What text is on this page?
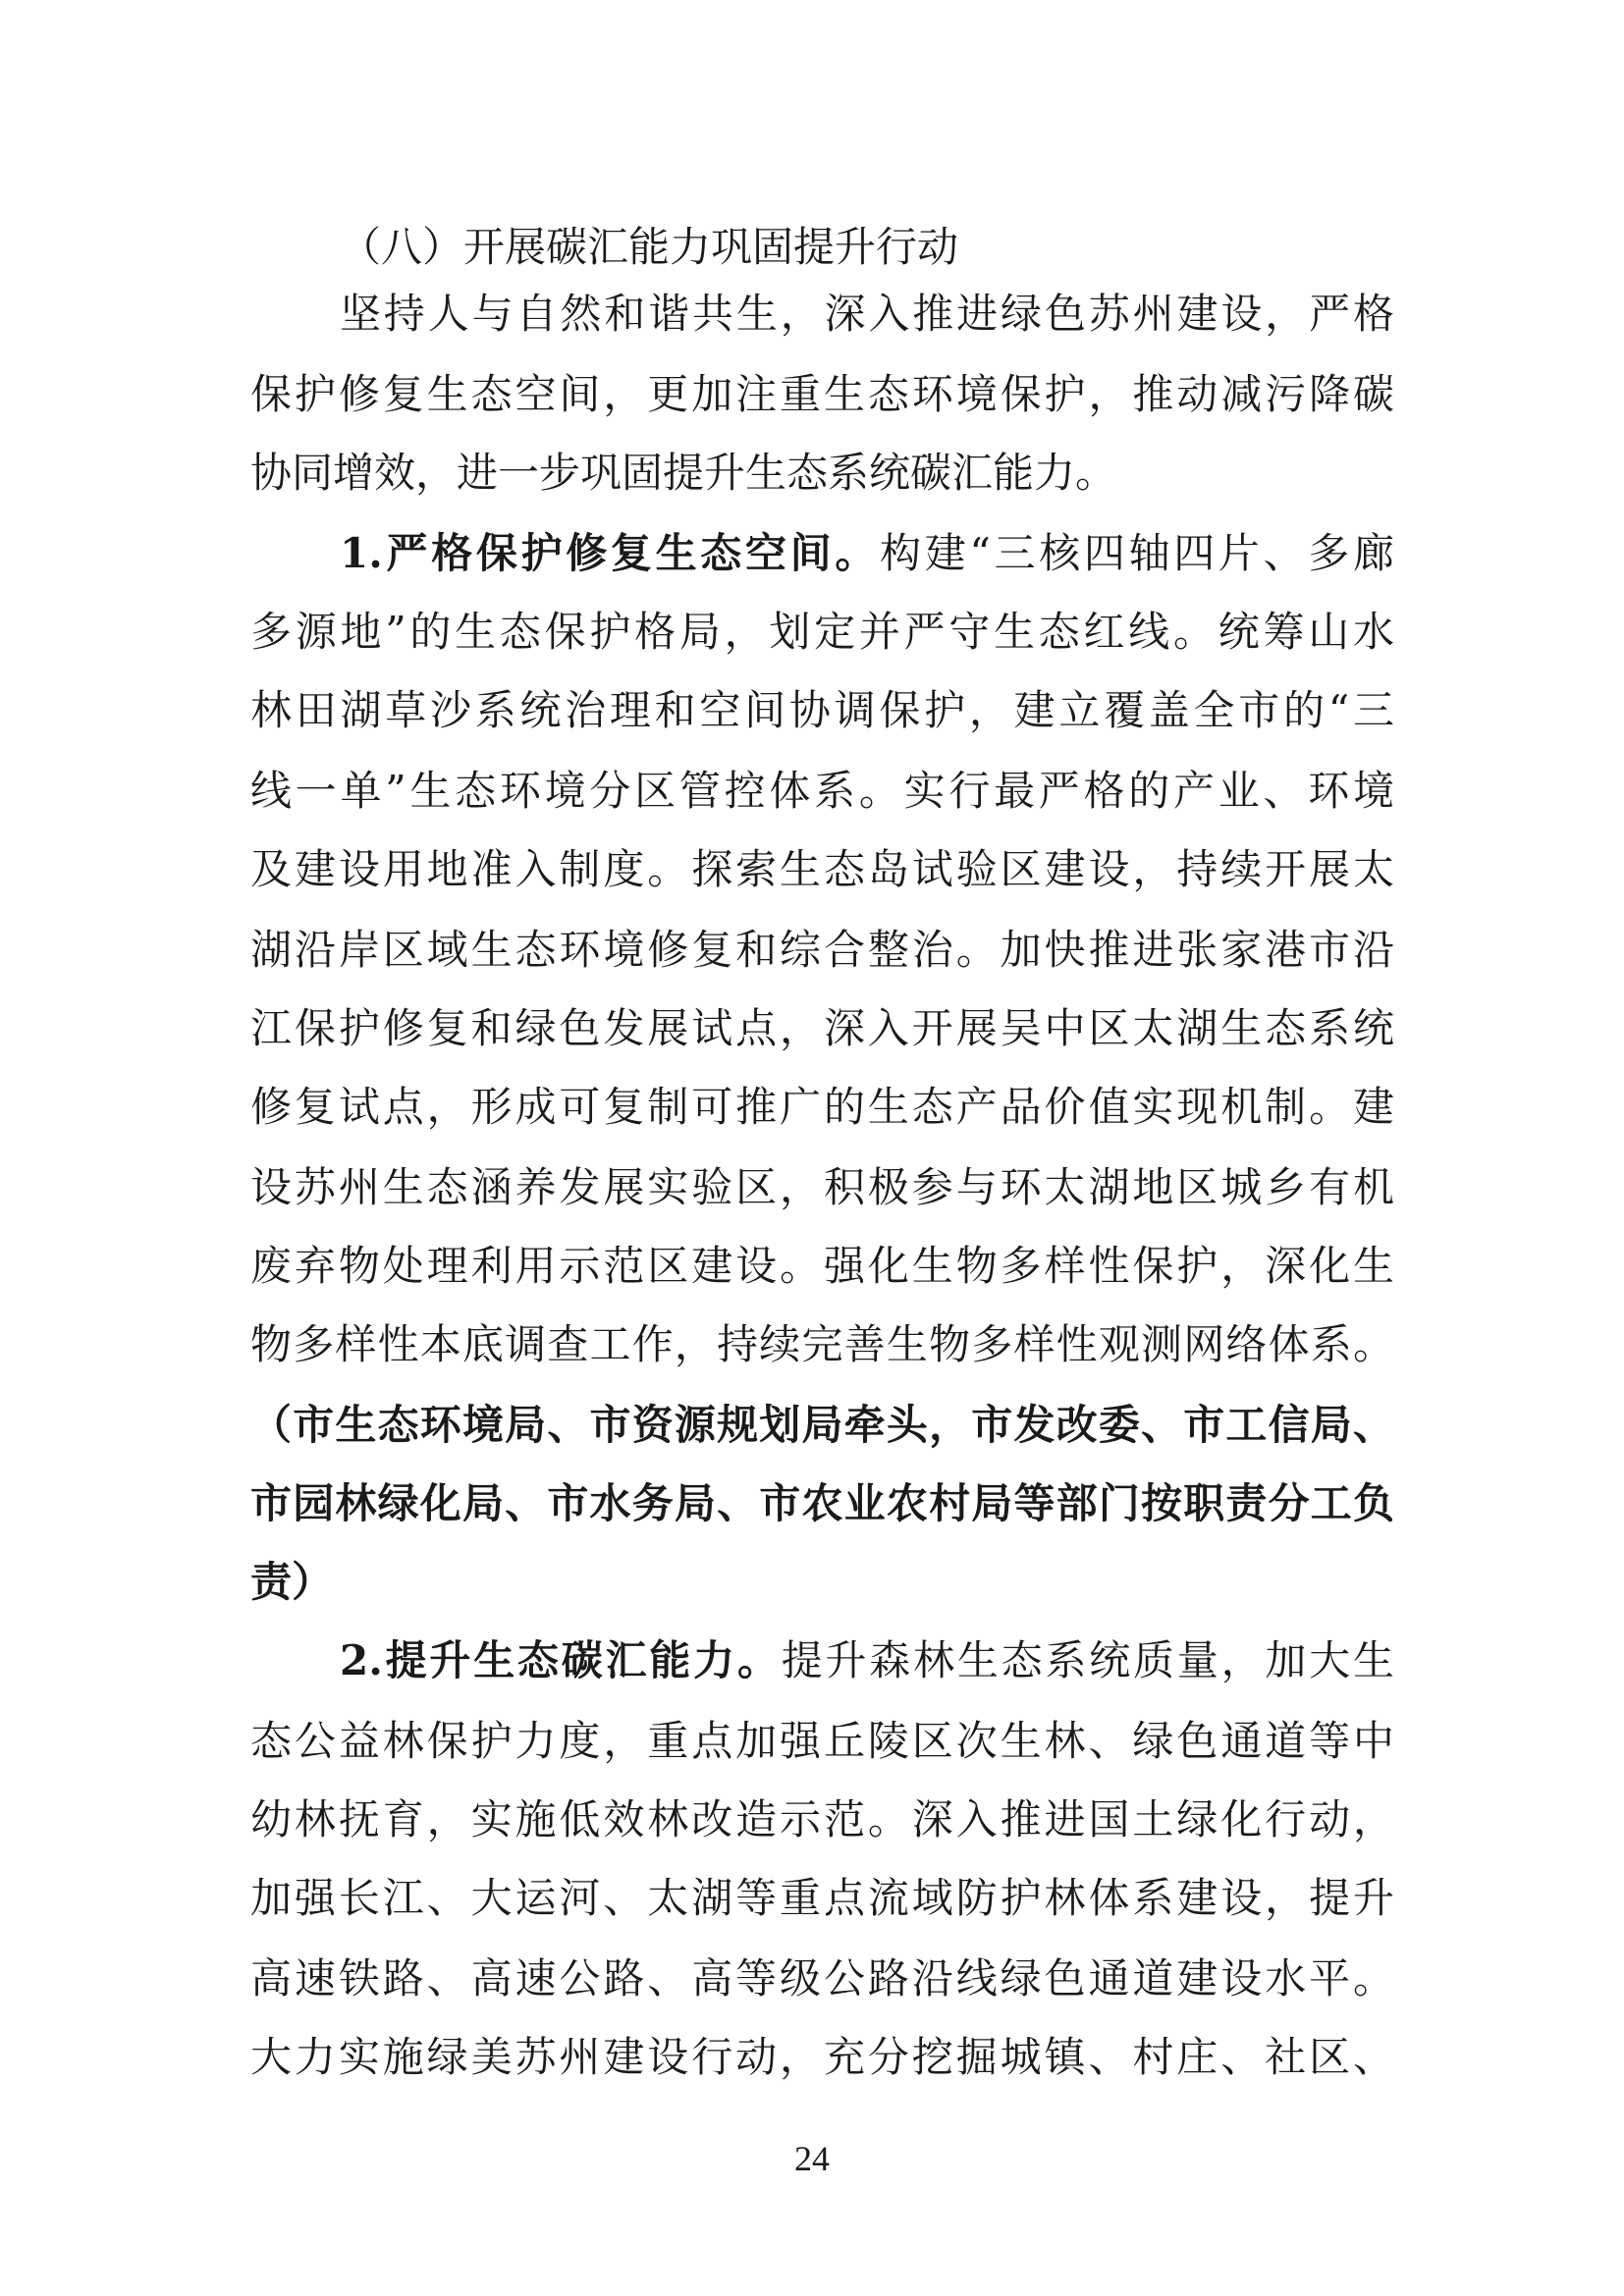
（八）开展碳汇能力巩固提升行动
坚持人与自然和谐共生，深入推进绿色苏州建设，严格
保护修复生态空间，更加注重生态环境保护，推动减污降碳
协同增效，进一步巩固提升生态系统碳汇能力。
1.严格保护修复生态空间。构建“三核四轴四片、多廊
多源地”的生态保护格局，划定并严守生态红线。统筹山水
林田湖草沙系统治理和空间协调保护，建立覆盖全市的“三
线一单”生态环境分区管控体系。实行最严格的产业、环境
及建设用地准入制度。探索生态岛试验区建设，持续开展太
湖沿岸区域生态环境修复和综合整治。加快推进张家港市沿
江保护修复和绿色发展试点，深入开展吴中区太湖生态系统
修复试点，形成可复制可推广的生态产品价值实现机制。建
设苏州生态涵养发展实验区，积极参与环太湖地区城乡有机
废弃物处理利用示范区建设。强化生物多样性保护，深化生
物多样性本底调查工作，持续完善生物多样性观测网络体系。
（市生态环境局、市资源规划局牵头，市发改委、市工信局、
市园林绿化局、市水务局、市农业农村局等部门按职责分工负
责）
2.提升生态碳汇能力。提升森林生态系统质量，加大生
态公益林保护力度，重点加强丘陵区次生林、绿色通道等中
幼林抚育，实施低效林改造示范。深入推进国土绿化行动，
加强长江、大运河、太湖等重点流域防护林体系建设，提升
高速铁路、高速公路、高等级公路沿线绿色通道建设水平。
大力实施绿美苏州建设行动，充分挖掘城镇、村庄、社区、
24
